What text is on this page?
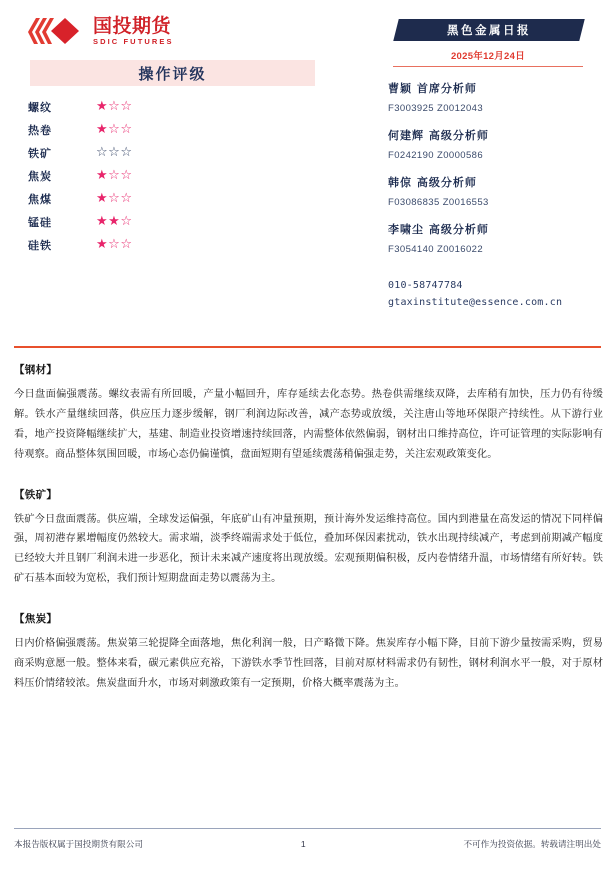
国投期货
SDIC FUTURES
操作评级
螺纹	★☆☆
热卷	★☆☆
铁矿	☆☆☆
焦炭	★☆☆
焦煤	★☆☆
锰硅	★★☆
硅铁	★☆☆
黑色金属日报
2025年12月24日
曹颖 首席分析师
F3003925 Z0012043
何建辉 高级分析师
F0242190 Z0000586
韩倞 高级分析师
F03086835 Z0016553
李啸尘 高级分析师
F3054140 Z0016022
010-58747784
gtaxinstitute@essence.com.cn
【钢材】
今日盘面偏强震荡。螺纹表需有所回暖，产量小幅回升，库存延续去化态势。热卷供需继续双降，去库稍有加快，压力仍有待缓解。铁水产量继续回落，供应压力逐步缓解，钢厂利润边际改善，减产态势或放缓，关注唐山等地环保限产持续性。从下游行业看，地产投资降幅继续扩大，基建、制造业投资增速持续回落，内需整体依然偏弱，钢材出口维持高位，许可证管理的实际影响有待观察。商品整体氛围回暖，市场心态仍偏谨慎，盘面短期有望延续震荡稍偏强走势，关注宏观政策变化。
【铁矿】
铁矿今日盘面震荡。供应端，全球发运偏强，年底矿山有冲量预期，预计海外发运维持高位。国内到港量在高发运的情况下同样偏强，周初港存累增幅度仍然较大。需求端，淡季终端需求处于低位，叠加环保因素扰动，铁水出现持续减产，考虑到前期减产幅度已经较大并且钢厂利润未进一步恶化，预计未来减产速度将出现放缓。宏观预期偏积极，反内卷情绪升温，市场情绪有所好转。铁矿石基本面较为宽松，我们预计短期盘面走势以震荡为主。
【焦炭】
日内价格偏强震荡。焦炭第三轮提降全面落地，焦化利润一般，日产略微下降。焦炭库存小幅下降，目前下游少量按需采购，贸易商采购意愿一般。整体来看，碳元素供应充裕，下游铁水季节性回落，目前对原材料需求仍有韧性，钢材利润水平一般，对于原材料压价情绪较浓。焦炭盘面升水，市场对刺激政策有一定预期，价格大概率震荡为主。
本报告版权属于国投期货有限公司	1	不可作为投资依据。转载请注明出处
